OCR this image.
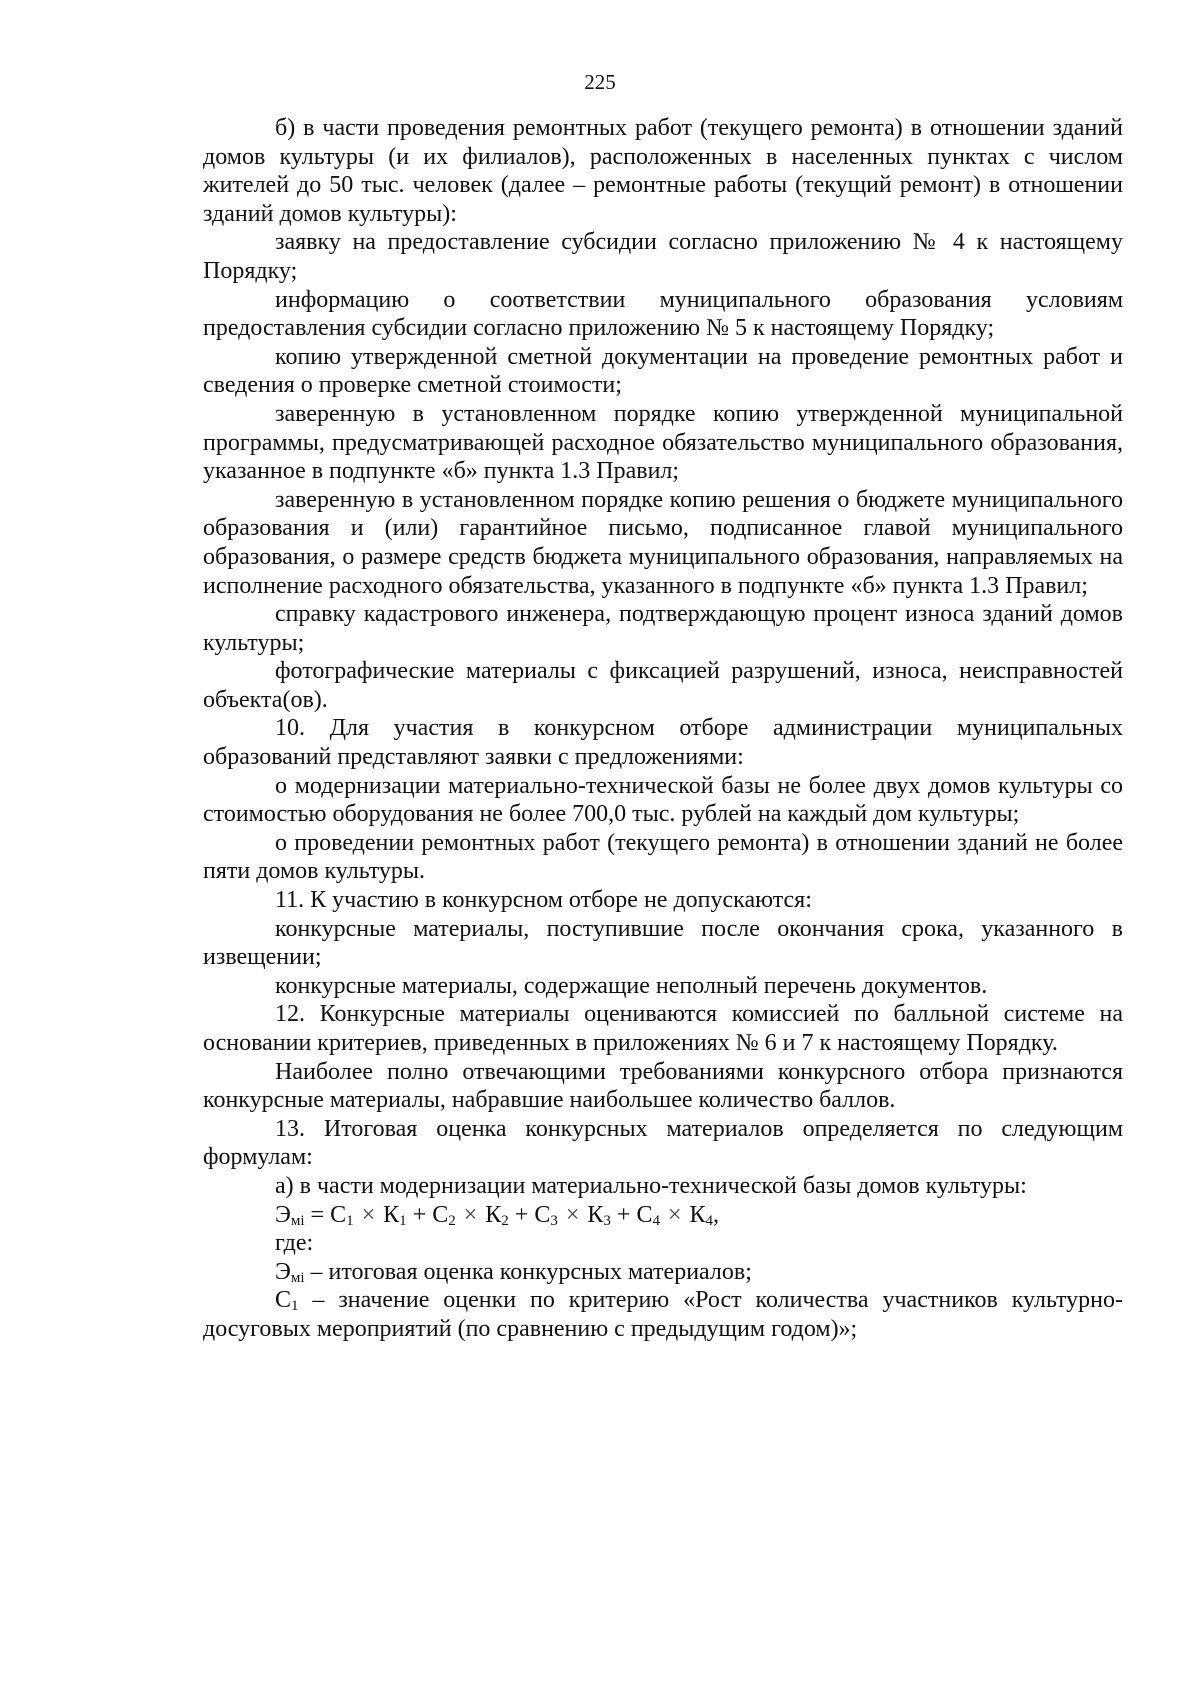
225

б) в части проведения ремонтных работ (текущего ремонта) в отношении зданий домов культуры (и их филиалов), расположенных в населенных пунктах с числом жителей до 50 тыс. человек (далее – ремонтные работы (текущий ремонт) в отношении зданий домов культуры):

заявку на предоставление субсидии согласно приложению № 4 к настоящему Порядку;

информацию о соответствии муниципального образования условиям предоставления субсидии согласно приложению № 5 к настоящему Порядку;

копию утвержденной сметной документации на проведение ремонтных работ и сведения о проверке сметной стоимости;

заверенную в установленном порядке копию утвержденной муниципальной программы, предусматривающей расходное обязательство муниципального образования, указанное в подпункте «б» пункта 1.3 Правил;

заверенную в установленном порядке копию решения о бюджете муниципального образования и (или) гарантийное письмо, подписанное главой муниципального образования, о размере средств бюджета муниципального образования, направляемых на исполнение расходного обязательства, указанного в подпункте «б» пункта 1.3 Правил;

справку кадастрового инженера, подтверждающую процент износа зданий домов культуры;

фотографические материалы с фиксацией разрушений, износа, неисправностей объекта(ов).

10. Для участия в конкурсном отборе администрации муниципальных образований представляют заявки с предложениями:

о модернизации материально-технической базы не более двух домов культуры со стоимостью оборудования не более 700,0 тыс. рублей на каждый дом культуры;

о проведении ремонтных работ (текущего ремонта) в отношении зданий не более пяти домов культуры.

11. К участию в конкурсном отборе не допускаются:

конкурсные материалы, поступившие после окончания срока, указанного в извещении;

конкурсные материалы, содержащие неполный перечень документов.

12. Конкурсные материалы оцениваются комиссией по балльной системе на основании критериев, приведенных в приложениях № 6 и 7 к настоящему Порядку.

Наиболее полно отвечающими требованиями конкурсного отбора признаются конкурсные материалы, набравшие наибольшее количество баллов.

13. Итоговая оценка конкурсных материалов определяется по следующим формулам:

а) в части модернизации материально-технической базы домов культуры:

$Э_{мi} = С_1 \times К_1 + С_2 \times К_2 + С_3 \times К_3 + С_4 \times К_4$,

где:

$Э_{мi}$ – итоговая оценка конкурсных материалов;

$С_1$ – значение оценки по критерию «Рост количества участников культурно-досуговых мероприятий (по сравнению с предыдущим годом)»;
